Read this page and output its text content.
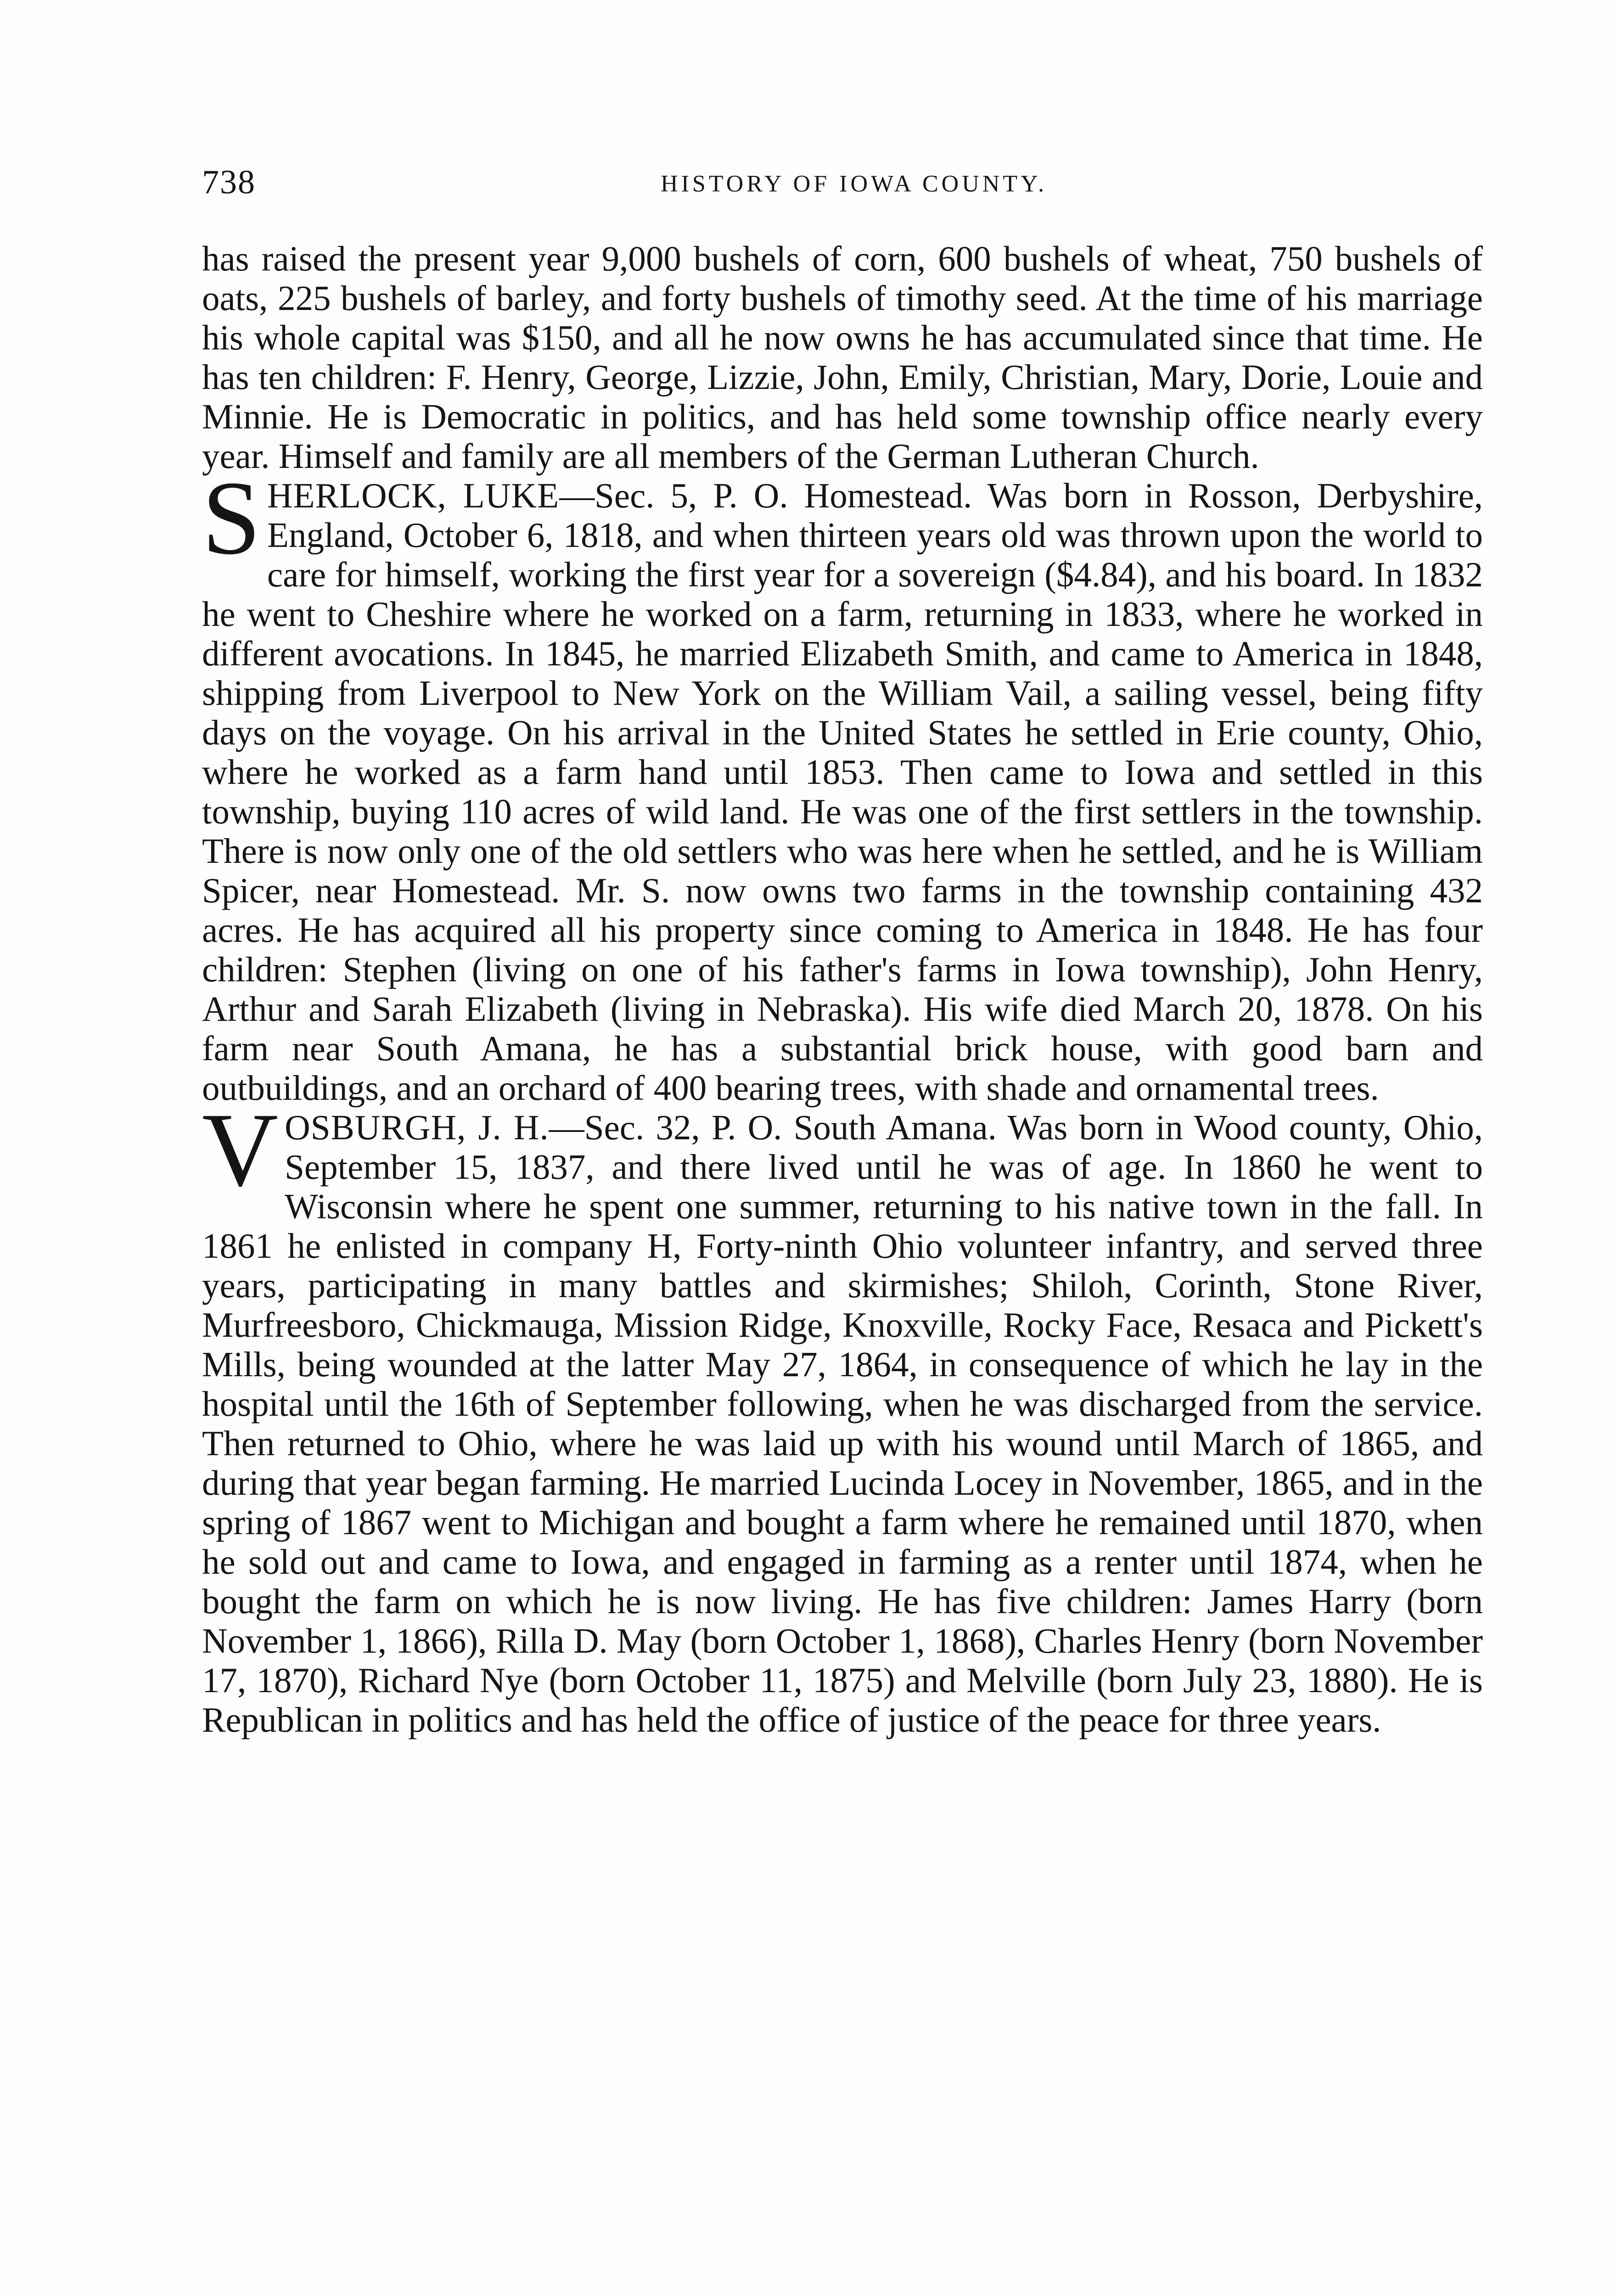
738	HISTORY OF IOWA COUNTY.

has raised the present year 9,000 bushels of corn, 600 bushels of wheat, 750 bushels of oats, 225 bushels of barley, and forty bushels of timothy seed. At the time of his marriage his whole capital was $150, and all he now owns he has accumulated since that time. He has ten children: F. Henry, George, Lizzie, John, Emily, Christian, Mary, Dorie, Louie and Minnie. He is Democratic in politics, and has held some township office nearly every year. Himself and family are all members of the German Lutheran Church.

S HERLOCK, LUKE—Sec. 5, P. O. Homestead. Was born in Rosson, Derbyshire, England, October 6, 1818, and when thirteen years old was thrown upon the world to care for himself, working the first year for a sovereign ($4.84), and his board. In 1832 he went to Cheshire where he worked on a farm, returning in 1833, where he worked in different avocations. In 1845, he married Elizabeth Smith, and came to America in 1848, shipping from Liverpool to New York on the William Vail, a sailing vessel, being fifty days on the voyage. On his arrival in the United States he settled in Erie county, Ohio, where he worked as a farm hand until 1853. Then came to Iowa and settled in this township, buying 110 acres of wild land. He was one of the first settlers in the township. There is now only one of the old settlers who was here when he settled, and he is William Spicer, near Homestead. Mr. S. now owns two farms in the township containing 432 acres. He has acquired all his property since coming to America in 1848. He has four children: Stephen (living on one of his father's farms in Iowa township), John Henry, Arthur and Sarah Elizabeth (living in Nebraska). His wife died March 20, 1878. On his farm near South Amana, he has a substantial brick house, with good barn and outbuildings, and an orchard of 400 bearing trees, with shade and ornamental trees.
V OSBURGH, J. H.—Sec. 32, P. O. South Amana. Was born in Wood county, Ohio, September 15, 1837, and there lived until he was of age. In 1860 he went to Wisconsin where he spent one summer, returning to his native town in the fall. In 1861 he enlisted in company H, Forty-ninth Ohio volunteer infantry, and served three years, participating in many battles and skirmishes; Shiloh, Corinth, Stone River, Murfreesboro, Chickmauga, Mission Ridge, Knoxville, Rocky Face, Resaca and Pickett's Mills, being wounded at the latter May 27, 1864, in consequence of which he lay in the hospital until the 16th of September following, when he was discharged from the service. Then returned to Ohio, where he was laid up with his wound until March of 1865, and during that year began farming. He married Lucinda Locey in November, 1865, and in the spring of 1867 went to Michigan and bought a farm where he remained until 1870, when he sold out and came to Iowa, and engaged in farming as a renter until 1874, when he bought the farm on which he is now living. He has five children: James Harry (born November 1, 1866), Rilla D. May (born October 1, 1868), Charles Henry (born November 17, 1870), Richard Nye (born October 11, 1875) and Melville (born July 23, 1880). He is Republican in politics and has held the office of justice of the peace for three years.
